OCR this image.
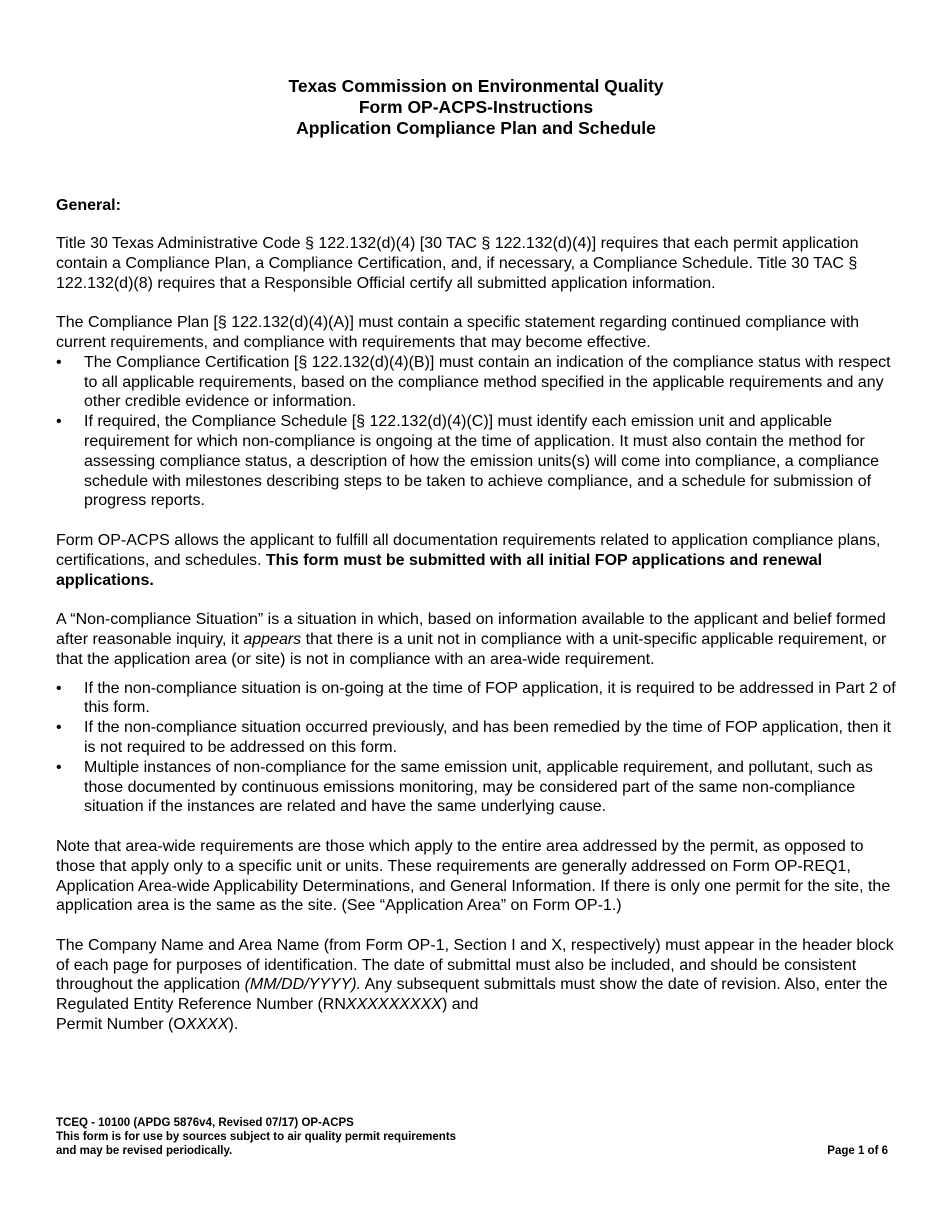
Texas Commission on Environmental Quality
Form OP-ACPS-Instructions
Application Compliance Plan and Schedule
General:

Title 30 Texas Administrative Code § 122.132(d)(4) [30 TAC § 122.132(d)(4)] requires that each permit application contain a Compliance Plan, a Compliance Certification, and, if necessary, a Compliance Schedule. Title 30 TAC § 122.132(d)(8) requires that a Responsible Official certify all submitted application information.

The Compliance Plan [§ 122.132(d)(4)(A)] must contain a specific statement regarding continued compliance with current requirements, and compliance with requirements that may become effective.

• The Compliance Certification [§ 122.132(d)(4)(B)] must contain an indication of the compliance status with respect to all applicable requirements, based on the compliance method specified in the applicable requirements and any other credible evidence or information.
• If required, the Compliance Schedule [§ 122.132(d)(4)(C)] must identify each emission unit and applicable requirement for which non-compliance is ongoing at the time of application. It must also contain the method for assessing compliance status, a description of how the emission units(s) will come into compliance, a compliance schedule with milestones describing steps to be taken to achieve compliance, and a schedule for submission of progress reports.

Form OP-ACPS allows the applicant to fulfill all documentation requirements related to application compliance plans, certifications, and schedules. This form must be submitted with all initial FOP applications and renewal applications.

A “Non-compliance Situation” is a situation in which, based on information available to the applicant and belief formed after reasonable inquiry, it appears that there is a unit not in compliance with a unit-specific applicable requirement, or that the application area (or site) is not in compliance with an area-wide requirement.

• If the non-compliance situation is on-going at the time of FOP application, it is required to be addressed in Part 2 of this form.
• If the non-compliance situation occurred previously, and has been remedied by the time of FOP application, then it is not required to be addressed on this form.
• Multiple instances of non-compliance for the same emission unit, applicable requirement, and pollutant, such as those documented by continuous emissions monitoring, may be considered part of the same non-compliance situation if the instances are related and have the same underlying cause.

Note that area-wide requirements are those which apply to the entire area addressed by the permit, as opposed to those that apply only to a specific unit or units. These requirements are generally addressed on Form OP-REQ1, Application Area-wide Applicability Determinations, and General Information. If there is only one permit for the site, the application area is the same as the site. (See “Application Area” on Form OP-1.)

The Company Name and Area Name (from Form OP-1, Section I and X, respectively) must appear in the header block of each page for purposes of identification. The date of submittal must also be included, and should be consistent throughout the application (MM/DD/YYYY). Any subsequent submittals must show the date of revision. Also, enter the Regulated Entity Reference Number (RNXXXXXXXXX) and
Permit Number (OXXXX).

TCEQ - 10100 (APDG 5876v4, Revised 07/17) OP-ACPS
This form is for use by sources subject to air quality permit requirements
and may be revised periodically.	Page 1 of 6
